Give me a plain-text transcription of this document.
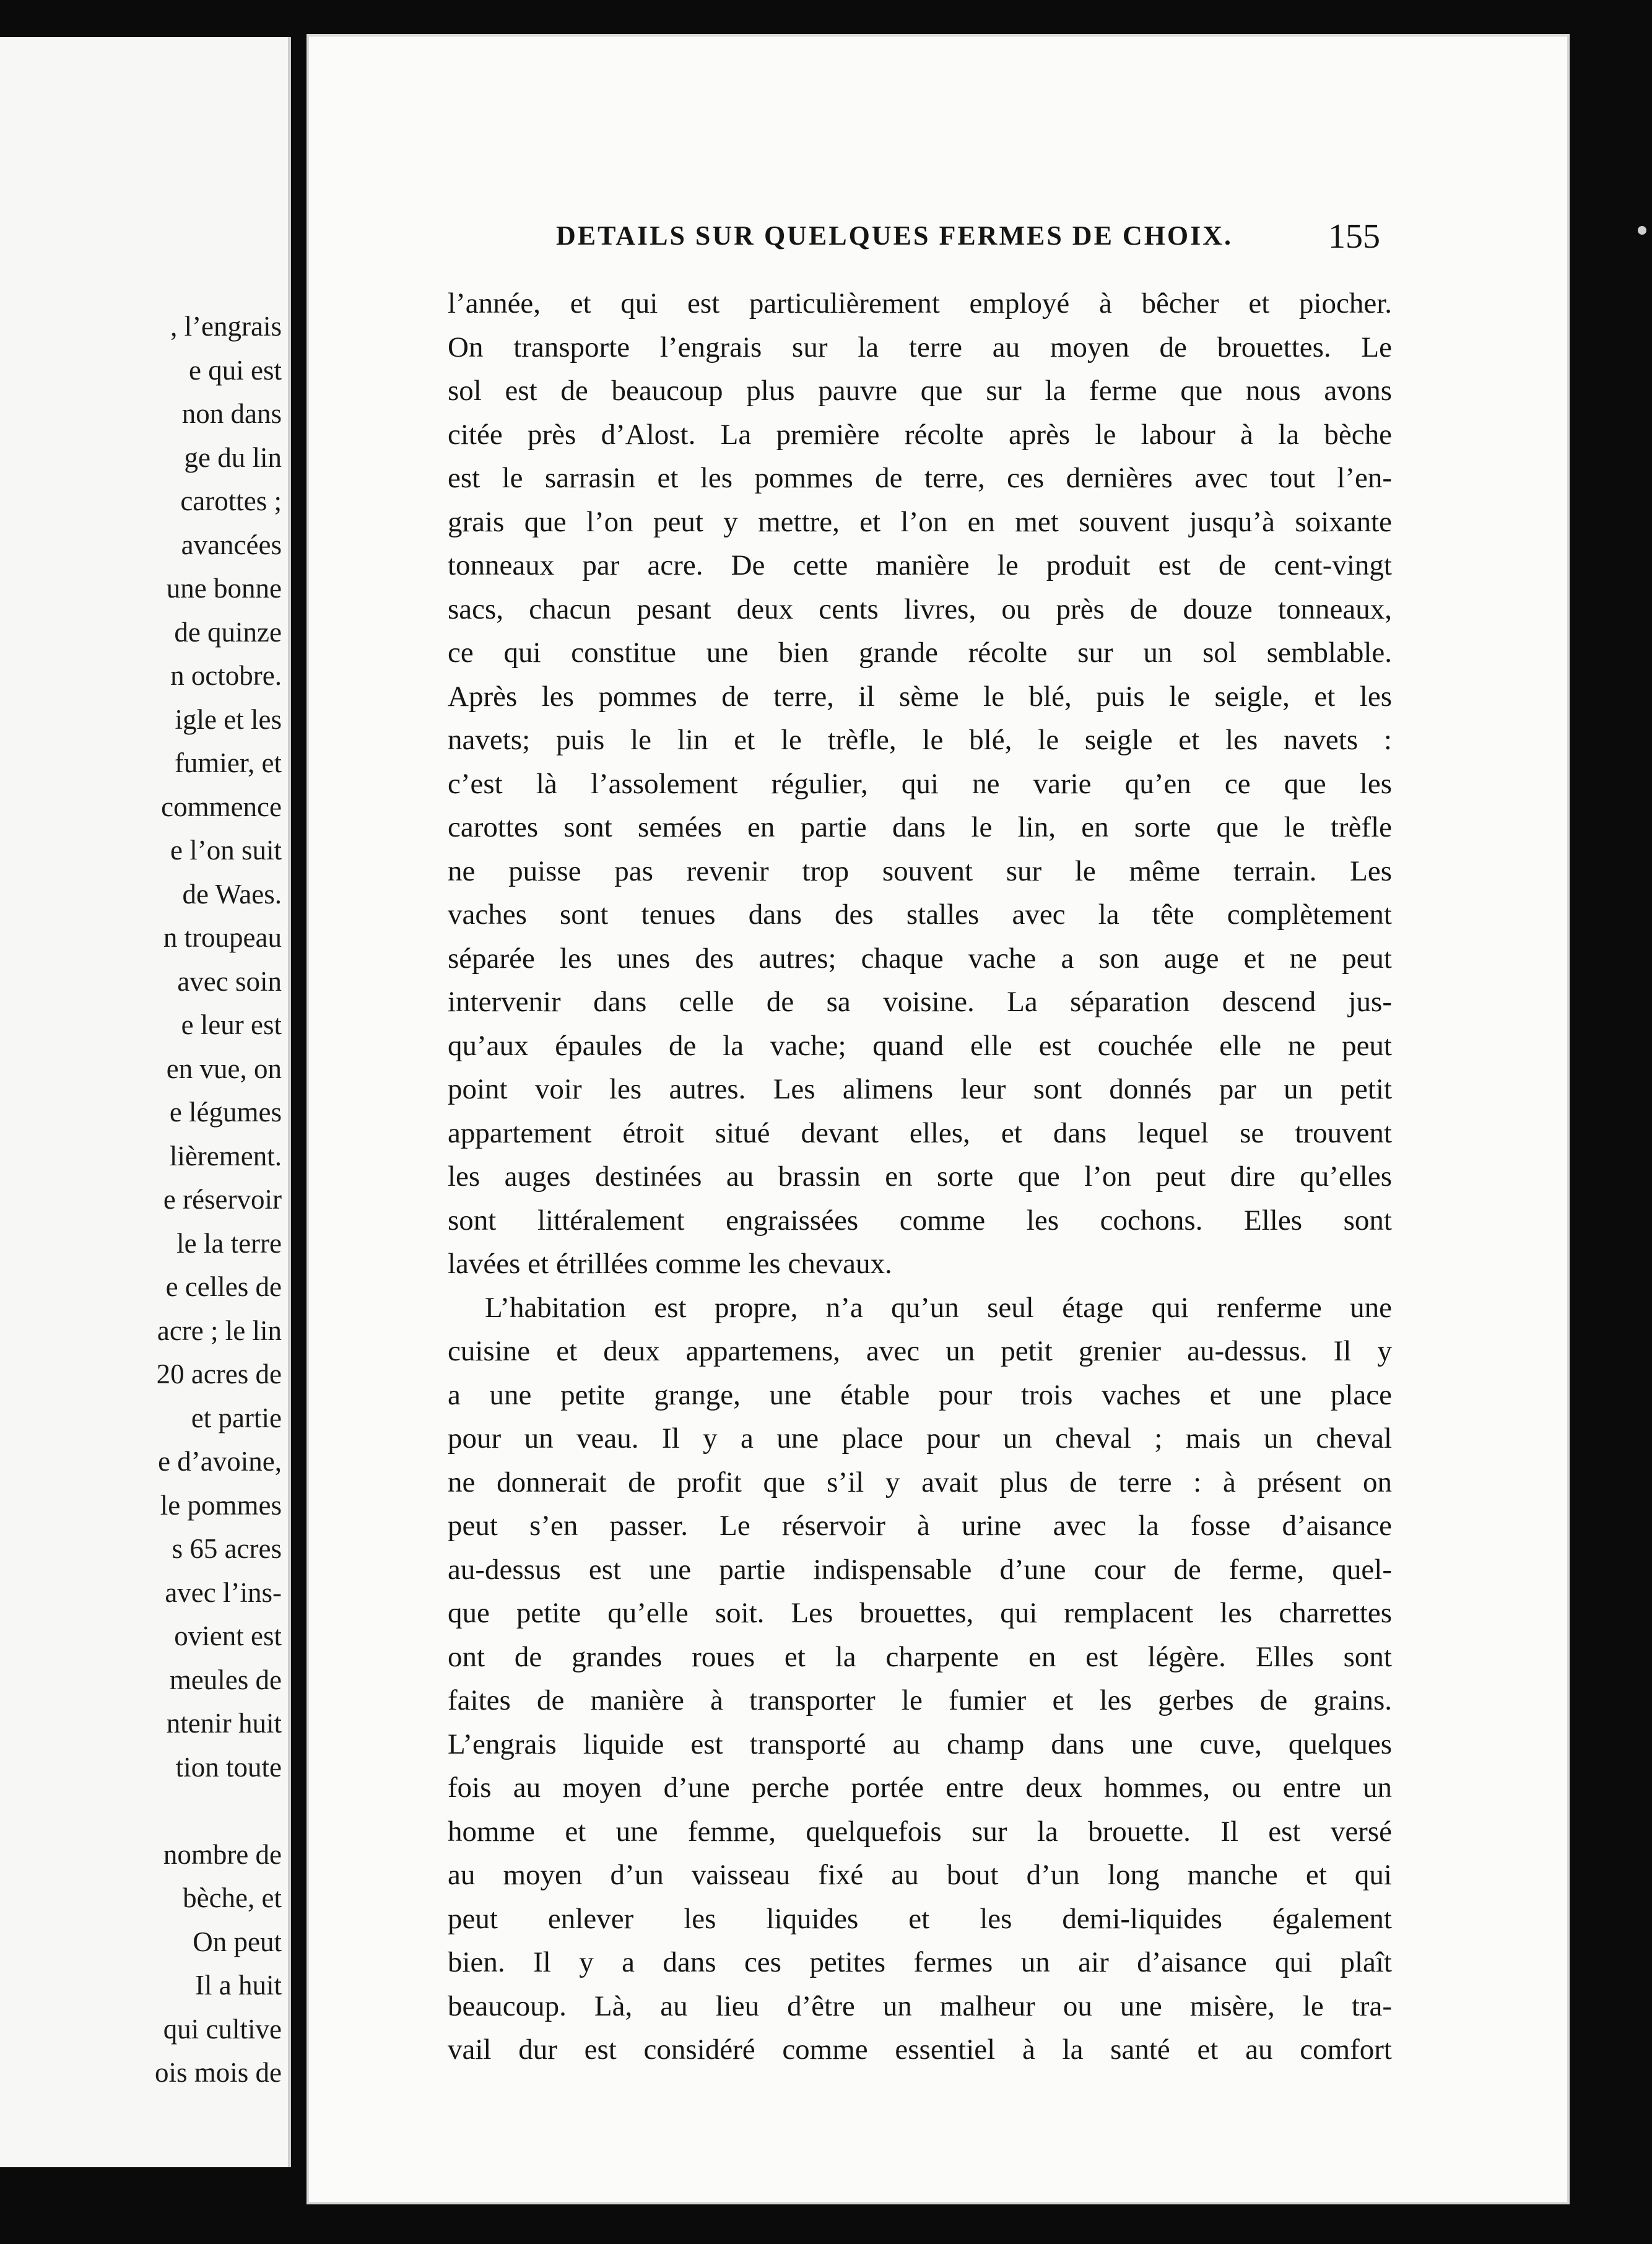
, l’engrais
e qui est
non dans
ge du lin
carottes ;
avancées
une bonne
de quinze
n octobre.
igle et les
fumier, et
commence
e l’on suit
de Waes.
n troupeau
avec soin
e leur est
en vue, on
e légumes
lièrement.
e réservoir
le la terre
e celles de
acre ; le lin
20 acres de
et partie
e d’avoine,
le pommes
s 65 acres
avec l’ins-
ovient est
meules de
ntenir huit
tion toute
nombre de
bèche, et
On peut
Il a huit
qui cultive
ois mois de
DETAILS SUR QUELQUES FERMES DE CHOIX.	155
l’année, et qui est particulièrement employé à bêcher et piocher.
On transporte l’engrais sur la terre au moyen de brouettes. Le
sol est de beaucoup plus pauvre que sur la ferme que nous avons
citée près d’Alost. La première récolte après le labour à la bèche
est le sarrasin et les pommes de terre, ces dernières avec tout l’en-
grais que l’on peut y mettre, et l’on en met souvent jusqu’à soixante
tonneaux par acre. De cette manière le produit est de cent-vingt
sacs, chacun pesant deux cents livres, ou près de douze tonneaux,
ce qui constitue une bien grande récolte sur un sol semblable.
Après les pommes de terre, il sème le blé, puis le seigle, et les
navets; puis le lin et le trèfle, le blé, le seigle et les navets :
c’est là l’assolement régulier, qui ne varie qu’en ce que les
carottes sont semées en partie dans le lin, en sorte que le trèfle
ne puisse pas revenir trop souvent sur le même terrain. Les
vaches sont tenues dans des stalles avec la tête complètement
séparée les unes des autres; chaque vache a son auge et ne peut
intervenir dans celle de sa voisine. La séparation descend jus-
qu’aux épaules de la vache; quand elle est couchée elle ne peut
point voir les autres. Les alimens leur sont donnés par un petit
appartement étroit situé devant elles, et dans lequel se trouvent
les auges destinées au brassin en sorte que l’on peut dire qu’elles
sont littéralement engraissées comme les cochons. Elles sont
lavées et étrillées comme les chevaux.
L’habitation est propre, n’a qu’un seul étage qui renferme une
cuisine et deux appartemens, avec un petit grenier au-dessus. Il y
a une petite grange, une étable pour trois vaches et une place
pour un veau. Il y a une place pour un cheval ; mais un cheval
ne donnerait de profit que s’il y avait plus de terre : à présent on
peut s’en passer. Le réservoir à urine avec la fosse d’aisance
au-dessus est une partie indispensable d’une cour de ferme, quel-
que petite qu’elle soit. Les brouettes, qui remplacent les charrettes
ont de grandes roues et la charpente en est légère. Elles sont
faites de manière à transporter le fumier et les gerbes de grains.
L’engrais liquide est transporté au champ dans une cuve, quelques
fois au moyen d’une perche portée entre deux hommes, ou entre un
homme et une femme, quelquefois sur la brouette. Il est versé
au moyen d’un vaisseau fixé au bout d’un long manche et qui
peut enlever les liquides et les demi-liquides également
bien. Il y a dans ces petites fermes un air d’aisance qui plaît
beaucoup. Là, au lieu d’être un malheur ou une misère, le tra-
vail dur est considéré comme essentiel à la santé et au comfort
